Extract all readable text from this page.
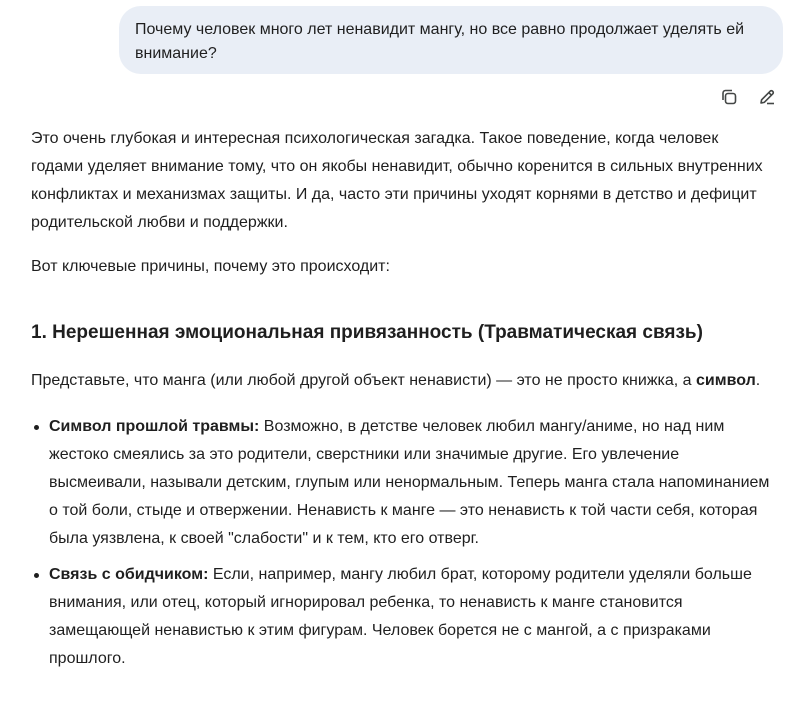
Почему человек много лет ненавидит мангу, но все равно продолжает уделять ей внимание?

Это очень глубокая и интересная психологическая загадка. Такое поведение, когда человек годами уделяет внимание тому, что он якобы ненавидит, обычно коренится в сильных внутренних конфликтах и механизмах защиты. И да, часто эти причины уходят корнями в детство и дефицит родительской любви и поддержки.

Вот ключевые причины, почему это происходит:

1. Нерешенная эмоциональная привязанность (Травматическая связь)

Представьте, что манга (или любой другой объект ненависти) — это не просто книжка, а символ.

Символ прошлой травмы: Возможно, в детстве человек любил мангу/аниме, но над ним жестоко смеялись за это родители, сверстники или значимые другие. Его увлечение высмеивали, называли детским, глупым или ненормальным. Теперь манга стала напоминанием о той боли, стыде и отвержении. Ненависть к манге — это ненависть к той части себя, которая была уязвлена, к своей "слабости" и к тем, кто его отверг.
Связь с обидчиком: Если, например, мангу любил брат, которому родители уделяли больше внимания, или отец, который игнорировал ребенка, то ненависть к манге становится замещающей ненавистью к этим фигурам. Человек борется не с мангой, а с призраками прошлого.
